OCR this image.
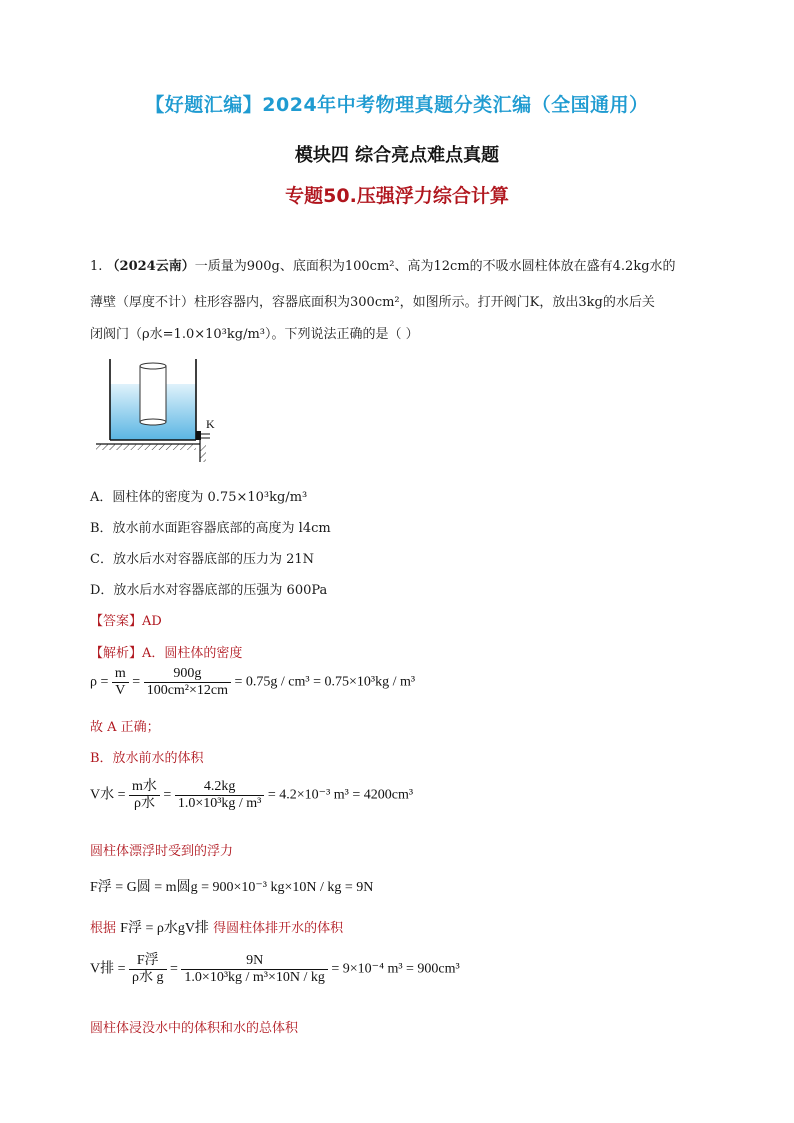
【好题汇编】2024年中考物理真题分类汇编（全国通用）
模块四 综合亮点难点真题
专题50.压强浮力综合计算
1. （2024云南）一质量为900g、底面积为100cm²、高为12cm的不吸水圆柱体放在盛有4.2kg水的
薄壁（厚度不计）柱形容器内，容器底面积为300cm²，如图所示。打开阀门K，放出3kg的水后关
闭阀门（ρ水=1.0×10³kg/m³）。下列说法正确的是（ ）
K
A．圆柱体的密度为 0.75×10³kg/m³
B．放水前水面距容器底部的高度为 l4cm
C．放水后水对容器底部的压力为 21N
D．放水后水对容器底部的压强为 600Pa
【答案】AD
【解析】A．圆柱体的密度
$\rho = \frac{m}{V} = \frac{900g}{\text{100cm²×12cm}} = 0.75g / cm^3 = 0.75\times 10^3kg / m^3$
故 A 正确；
B．放水前水的体积
V水 =
m水
ρ水
= $\frac{4.2kg}{\text{1.0×10³kg / m³}} = 4.2\times 10^{-3}$ m³ = 4200cm³
圆柱体漂浮时受到的浮力
F浮 = G圆 = m圆g = 900×10⁻³ kg×10N / kg = 9N
根据 F浮 = ρ水gV排 得圆柱体排开水的体积
V排 =
F浮
ρ水 g
= $\frac{9N}{\text{1.0×10³kg / m³×10N / kg}} = 9\times 10^{-4}$ m³ = 900cm³
圆柱体浸没水中的体积和水的总体积
